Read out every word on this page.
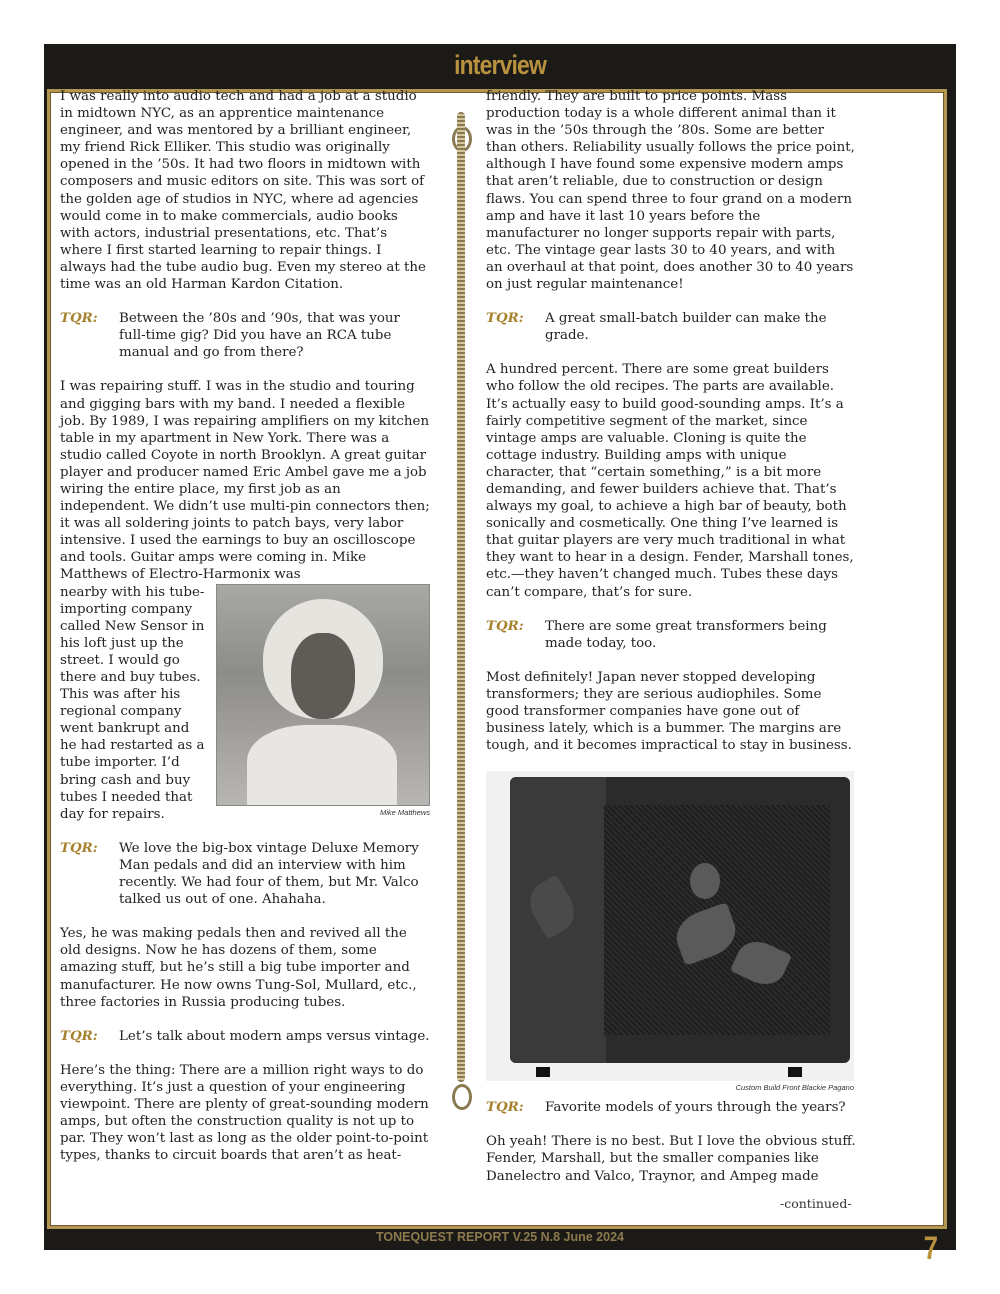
interview
TONEQUEST REPORT V.25 N.8 June 2024

I was really into audio tech and had a job at a studio in midtown NYC, as an apprentice maintenance engineer, and was mentored by a brilliant engineer, my friend Rick Elliker. This studio was originally opened in the ’50s. It had two floors in midtown with composers and music editors on site. This was sort of the golden age of studios in NYC, where ad agencies would come in to make commercials, audio books with actors, industrial presentations, etc. That’s where I first started learning to repair things. I always had the tube audio bug. Even my stereo at the time was an old Harman Kardon Citation.

TQR:	Between the ’80s and ’90s, that was your full-time gig? Did you have an RCA tube manual and go from there?

I was repairing stuff. I was in the studio and touring and gigging bars with my band. I needed a flexible job. By 1989, I was repairing amplifiers on my kitchen table in my apartment in New York. There was a studio called Coyote in north Brooklyn. A great guitar player and producer named Eric Ambel gave me a job wiring the entire place, my first job as an independent. We didn’t use multi-pin connectors then; it was all soldering joints to patch bays, very labor intensive. I used the earnings to buy an oscilloscope and tools. Guitar amps were coming in. Mike Matthews of Electro-Harmonix was

Mike Matthews
nearby with his tube-importing company called New Sensor in his loft just up the street. I would go there and buy tubes. This was after his regional company went bankrupt and he had restarted as a tube importer. I’d bring cash and buy tubes I needed that day for repairs.
TQR:	We love the big-box vintage Deluxe Memory Man pedals and did an interview with him recently. We had four of them, but Mr. Valco talked us out of one. Ahahaha.

Yes, he was making pedals then and revived all the old designs. Now he has dozens of them, some amazing stuff, but he’s still a big tube importer and manufacturer. He now owns Tung-Sol, Mullard, etc., three factories in Russia producing tubes.

TQR:	Let’s talk about modern amps versus vintage.

Here’s the thing: There are a million right ways to do everything. It’s just a question of your engineering viewpoint. There are plenty of great-sounding modern amps, but often the construction quality is not up to par. They won’t last as long as the older point-to-point types, thanks to circuit boards that aren’t as heat-

friendly. They are built to price points. Mass production today is a whole different animal than it was in the ’50s through the ’80s. Some are better than others. Reliability usually follows the price point, although I have found some expensive modern amps that aren’t reliable, due to construction or design flaws. You can spend three to four grand on a modern amp and have it last 10 years before the manufacturer no longer supports repair with parts, etc. The vintage gear lasts 30 to 40 years, and with an overhaul at that point, does another 30 to 40 years on just regular maintenance!

TQR:	A great small-batch builder can make the grade.

A hundred percent. There are some great builders who follow the old recipes. The parts are available. It’s actually easy to build good-sounding amps. It’s a fairly competitive segment of the market, since vintage amps are valuable. Cloning is quite the cottage industry. Building amps with unique character, that “certain something,” is a bit more demanding, and fewer builders achieve that. That’s always my goal, to achieve a high bar of beauty, both sonically and cosmetically. One thing I’ve learned is that guitar players are very much traditional in what they want to hear in a design. Fender, Marshall tones, etc.—they haven’t changed much. Tubes these days can’t compare, that’s for sure.

TQR:	There are some great transformers being made today, too.

Most definitely! Japan never stopped developing transformers; they are serious audiophiles. Some good transformer companies have gone out of business lately, which is a bummer. The margins are tough, and it becomes impractical to stay in business.

Custom Build Front Blackie Pagano
TQR:	Favorite models of yours through the years?

Oh yeah! There is no best. But I love the obvious stuff. Fender, Marshall, but the smaller companies like Danelectro and Valco, Traynor, and Ampeg made

-continued-
7
